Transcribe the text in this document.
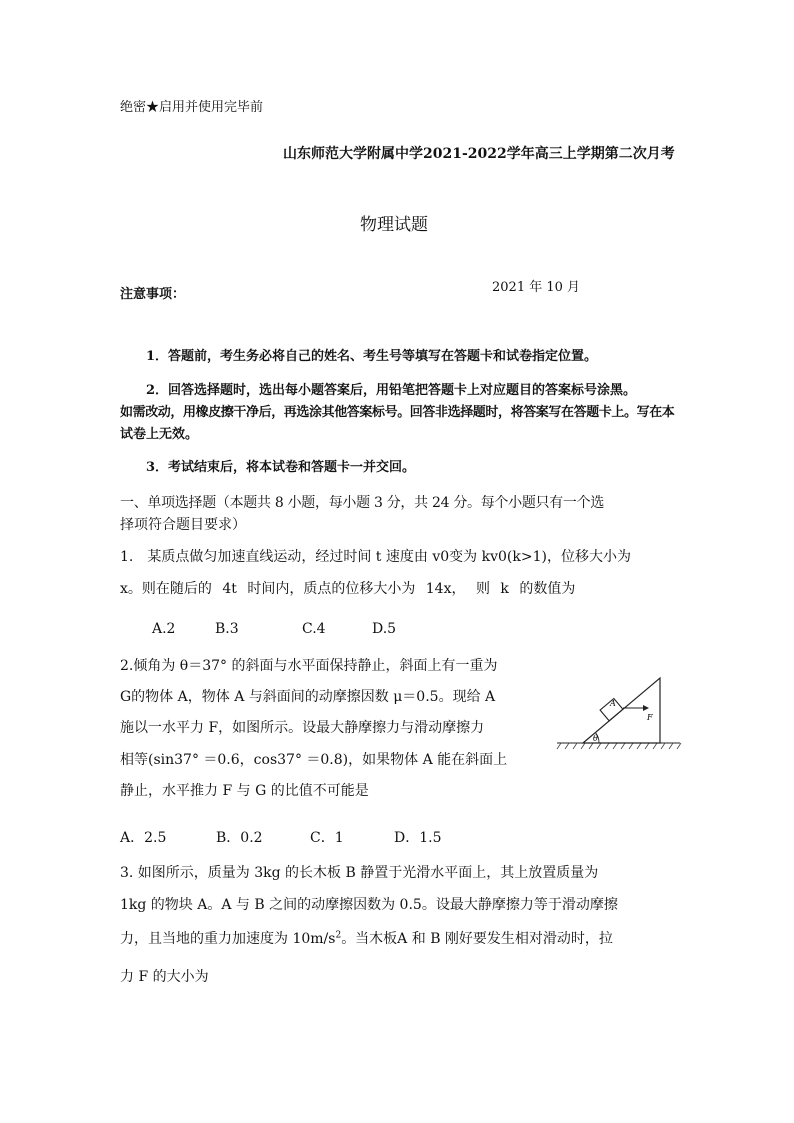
绝密★启用并使用完毕前
山东师范大学附属中学2021-2022学年高三上学期第二次月考
物理试题
注意事项：	2021 年 10 月
1．答题前，考生务必将自己的姓名、考生号等填写在答题卡和试卷指定位置。
2．回答选择题时，选出每小题答案后，用铅笔把答题卡上对应题目的答案标号涂黑。
如需改动，用橡皮擦干净后，再选涂其他答案标号。回答非选择题时，将答案写在答题卡上。写在本
试卷上无效。
3．考试结束后，将本试卷和答题卡一并交回。
一、单项选择题（本题共 8 小题，每小题 3 分，共 24 分。每个小题只有一个选
择项符合题目要求）
1.　某质点做匀加速直线运动，经过时间 t 速度由 v0变为 kv0(k>1)，位移大小为
x。则在随后的 4t 时间内，质点的位移大小为 14x， 则 k 的数值为
A.2	B.3	C.4	D.5
2.倾角为 θ＝37° 的斜面与水平面保持静止，斜面上有一重为
G的物体 A，物体 A 与斜面间的动摩擦因数 μ＝0.5。现给 A
施以一水平力 F，如图所示。设最大静摩擦力与滑动摩擦力
相等(sin37° ＝0.6，cos37° ＝0.8)，如果物体 A 能在斜面上
静止，水平推力 F 与 G 的比值不可能是
A
F
θ
A．2.5	B．0.2	C．1	D．1.5
3. 如图所示，质量为 3kg 的长木板 B 静置于光滑水平面上，其上放置质量为
1kg 的物块 A。A 与 B 之间的动摩擦因数为 0.5。设最大静摩擦力等于滑动摩擦
力，且当地的重力加速度为 $10m/s^2$。当木板A 和 B 刚好要发生相对滑动时，拉
力 F 的大小为
